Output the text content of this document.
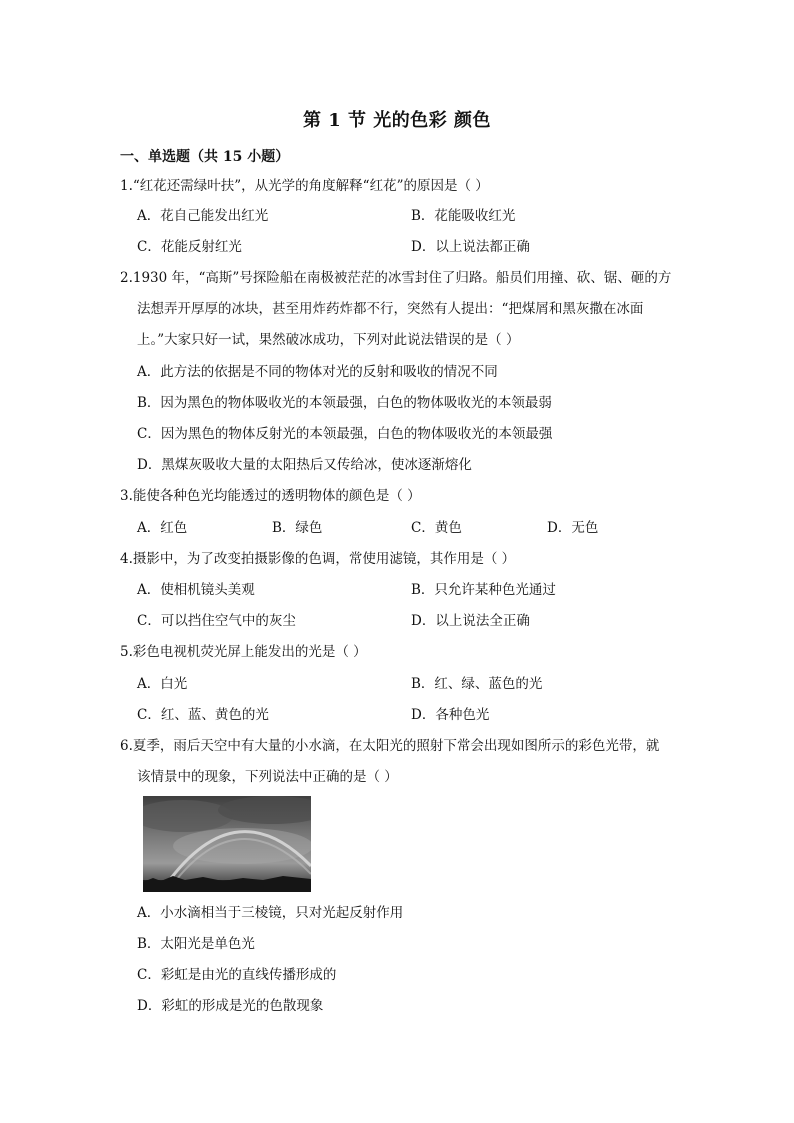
第 1 节 光的色彩 颜色
一、单选题（共 15 小题）
1.“红花还需绿叶扶”，从光学的角度解释“红花”的原因是（ ）
A．花自己能发出红光	B．花能吸收红光
C．花能反射红光	D．以上说法都正确
2.1930 年，“高斯”号探险船在南极被茫茫的冰雪封住了归路。船员们用撞、砍、锯、砸的方
法想弄开厚厚的冰块，甚至用炸药炸都不行，突然有人提出：“把煤屑和黑灰撒在冰面
上。”大家只好一试，果然破冰成功，下列对此说法错误的是（ ）
A．此方法的依据是不同的物体对光的反射和吸收的情况不同
B．因为黑色的物体吸收光的本领最强，白色的物体吸收光的本领最弱
C．因为黑色的物体反射光的本领最强，白色的物体吸收光的本领最强
D．黑煤灰吸收大量的太阳热后又传给冰，使冰逐渐熔化
3.能使各种色光均能透过的透明物体的颜色是（ ）
A．红色	B．绿色	C．黄色	D．无色
4.摄影中，为了改变拍摄影像的色调，常使用滤镜，其作用是（ ）
A．使相机镜头美观	B．只允许某种色光通过
C．可以挡住空气中的灰尘	D．以上说法全正确
5.彩色电视机荧光屏上能发出的光是（ ）
A．白光	B．红、绿、蓝色的光
C．红、蓝、黄色的光	D．各种色光
6.夏季，雨后天空中有大量的小水滴，在太阳光的照射下常会出现如图所示的彩色光带，就
该情景中的现象，下列说法中正确的是（ ）
A．小水滴相当于三棱镜，只对光起反射作用
B．太阳光是单色光
C．彩虹是由光的直线传播形成的
D．彩虹的形成是光的色散现象
